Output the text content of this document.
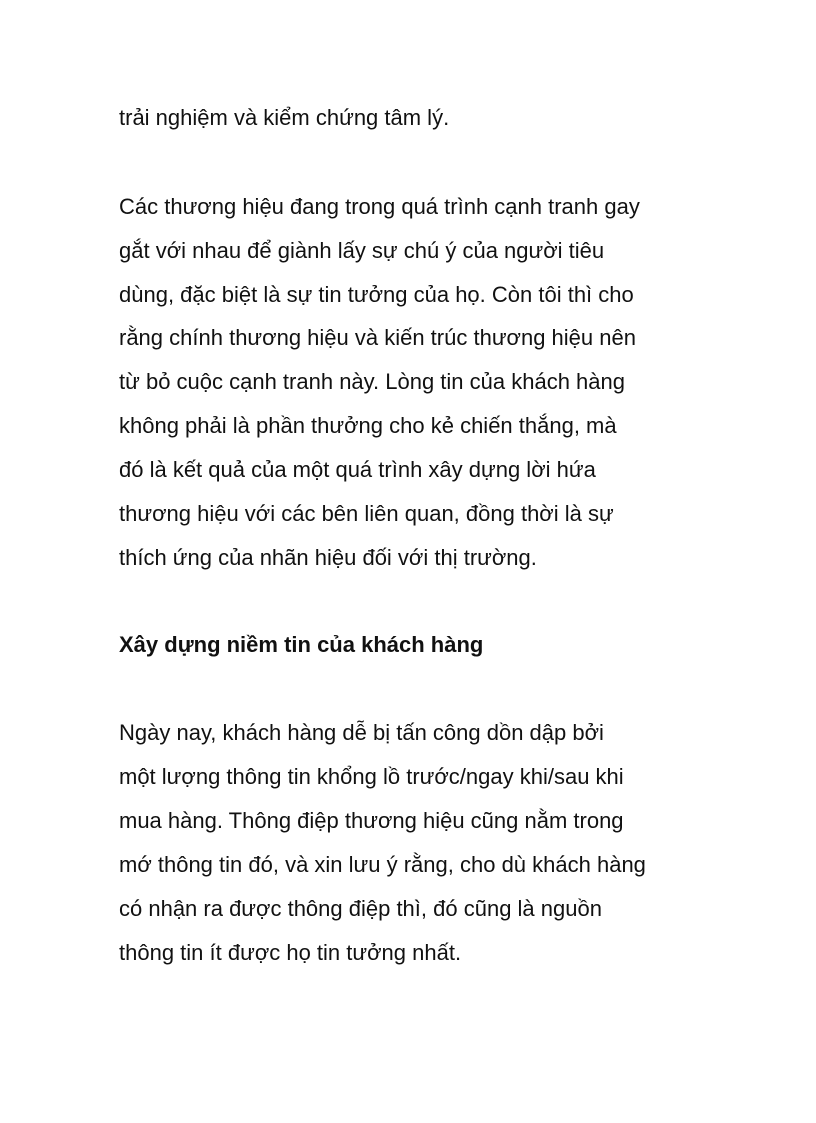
trải nghiệm và kiểm chứng tâm lý.

Các thương hiệu đang trong quá trình cạnh tranh gay

gắt với nhau để giành lấy sự chú ý của người tiêu

dùng, đặc biệt là sự tin tưởng của họ. Còn tôi thì cho

rằng chính thương hiệu và kiến trúc thương hiệu nên

từ bỏ cuộc cạnh tranh này. Lòng tin của khách hàng

không phải là phần thưởng cho kẻ chiến thắng, mà

đó là kết quả của một quá trình xây dựng lời hứa

thương hiệu với các bên liên quan, đồng thời là sự

thích ứng của nhãn hiệu đối với thị trường.

Xây dựng niềm tin của khách hàng

Ngày nay, khách hàng dễ bị tấn công dồn dập bởi

một lượng thông tin khổng lồ trước/ngay khi/sau khi

mua hàng. Thông điệp thương hiệu cũng nằm trong

mớ thông tin đó, và xin lưu ý rằng, cho dù khách hàng

có nhận ra được thông điệp thì, đó cũng là nguồn

thông tin ít được họ tin tưởng nhất.
